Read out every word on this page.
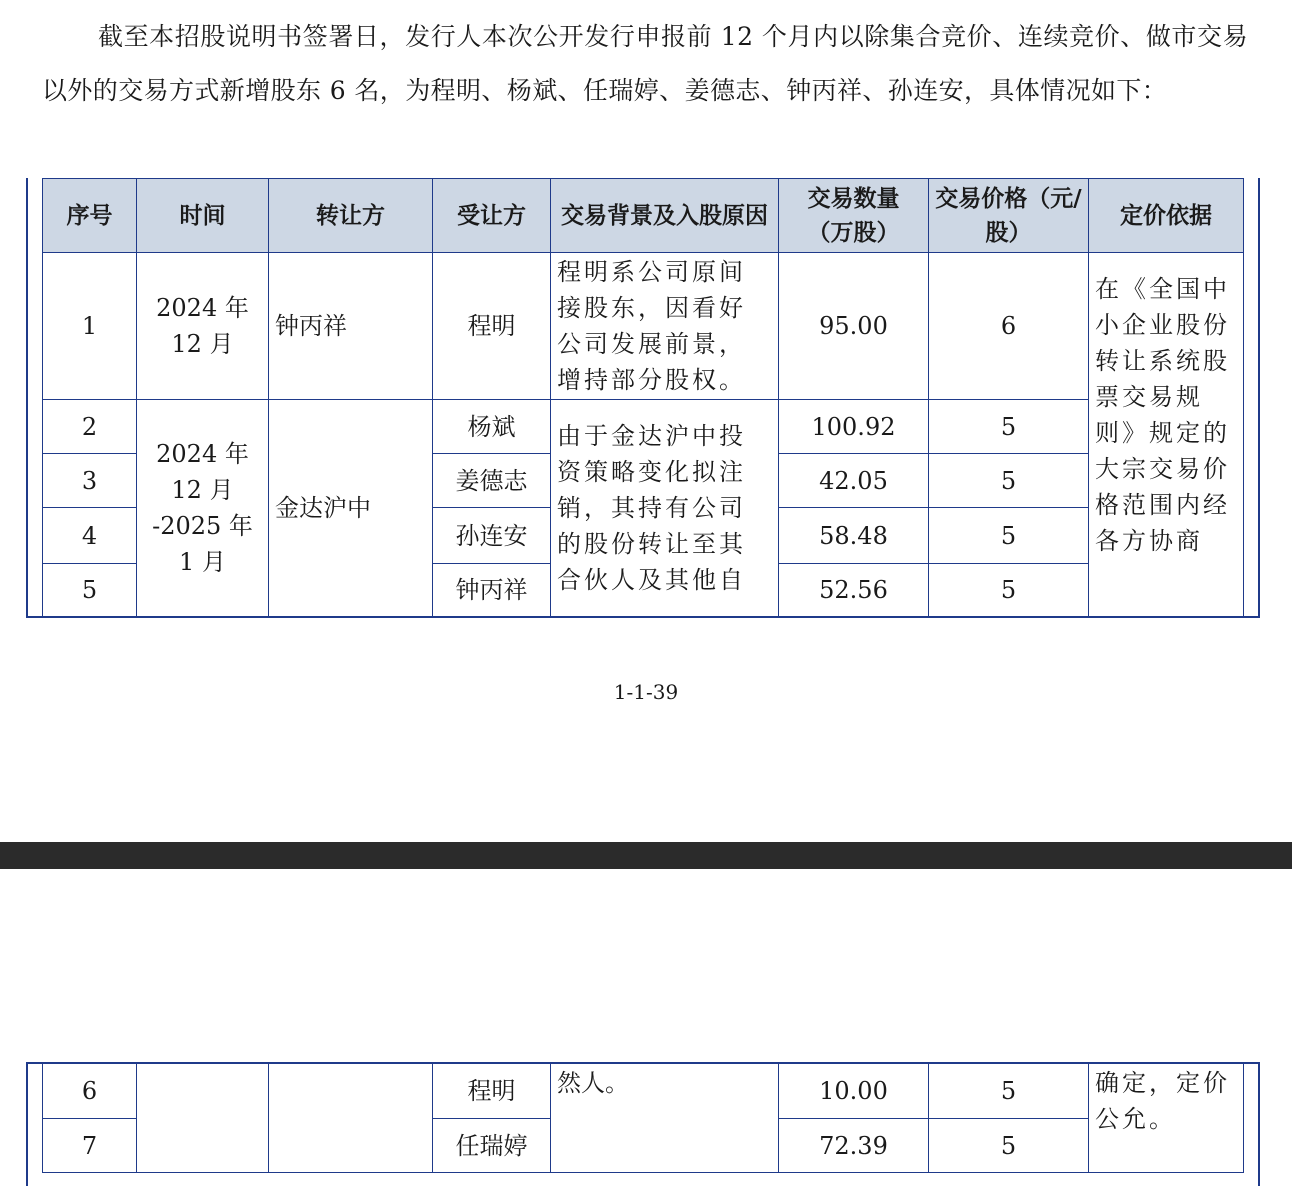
截至本招股说明书签署日，发行人本次公开发行申报前 12 个月内以除集合竞价、连续竞价、做市交易以外的交易方式新增股东 6 名，为程明、杨斌、任瑞婷、姜德志、钟丙祥、孙连安，具体情况如下：

序号	时间	转让方	受让方	交易背景及入股原因	交易数量（万股）	交易价格（元/股）	定价依据
1	2024 年 12 月	钟丙祥	程明	程明系公司原间接股东，因看好公司发展前景，增持部分股权。	95.00	6	在《全国中小企业股份转让系统股票交易规则》规定的大宗交易价格范围内经各方协商
2	2024 年 12 月 -2025 年 1 月	金达沪中	杨斌	由于金达沪中投资策略变化拟注销，其持有公司的股份转让至其合伙人及其他自	100.92	5	
3			姜德志		42.05	5	
4			孙连安		58.48	5	
5			钟丙祥		52.56	5	
1-1-39
6			程明	然人。	10.00	5	确定，定价公允。
7			任瑞婷		72.39	5	
